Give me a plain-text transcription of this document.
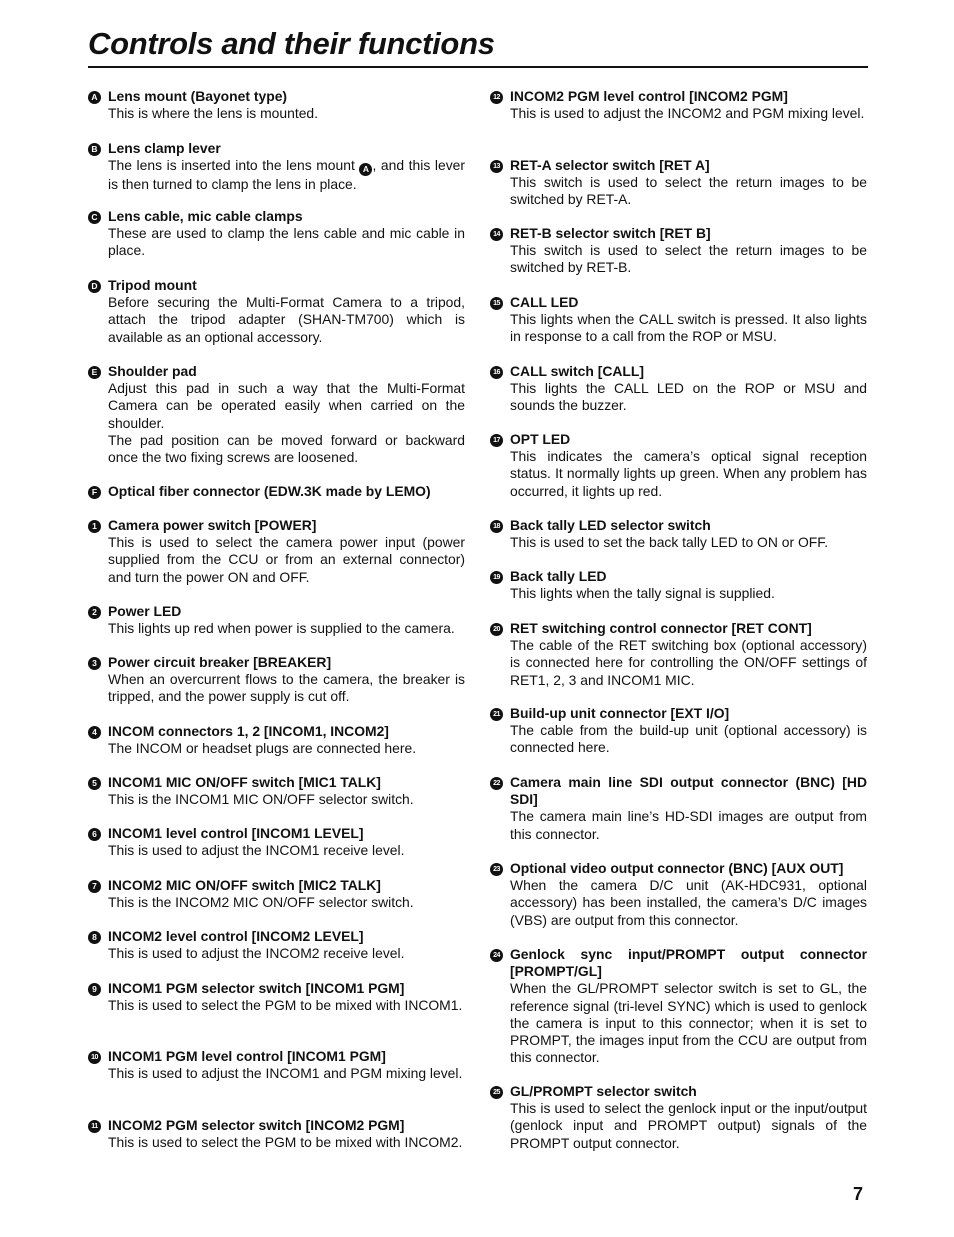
Controls and their functions
A Lens mount (Bayonet type)
This is where the lens is mounted.
B Lens clamp lever
The lens is inserted into the lens mount A , and this lever is then turned to clamp the lens in place.
C Lens cable, mic cable clamps
These are used to clamp the lens cable and mic cable in place.
D Tripod mount
Before securing the Multi-Format Camera to a tripod, attach the tripod adapter (SHAN-TM700) which is available as an optional accessory.
E Shoulder pad
Adjust this pad in such a way that the Multi-Format Camera can be operated easily when carried on the shoulder.
The pad position can be moved forward or backward once the two fixing screws are loosened.
F Optical fiber connector (EDW.3K made by LEMO)
1 Camera power switch [POWER]
This is used to select the camera power input (power supplied from the CCU or from an external connector) and turn the power ON and OFF.
2 Power LED
This lights up red when power is supplied to the camera.
3 Power circuit breaker [BREAKER]
When an overcurrent flows to the camera, the breaker is tripped, and the power supply is cut off.
4 INCOM connectors 1, 2 [INCOM1, INCOM2]
The INCOM or headset plugs are connected here.
5 INCOM1 MIC ON/OFF switch [MIC1 TALK]
This is the INCOM1 MIC ON/OFF selector switch.
6 INCOM1 level control [INCOM1 LEVEL]
This is used to adjust the INCOM1 receive level.
7 INCOM2 MIC ON/OFF switch [MIC2 TALK]
This is the INCOM2 MIC ON/OFF selector switch.
8 INCOM2 level control [INCOM2 LEVEL]
This is used to adjust the INCOM2 receive level.
9 INCOM1 PGM selector switch [INCOM1 PGM]
This is used to select the PGM to be mixed with INCOM1.
10 INCOM1 PGM level control [INCOM1 PGM]
This is used to adjust the INCOM1 and PGM mixing level.
11 INCOM2 PGM selector switch [INCOM2 PGM]
This is used to select the PGM to be mixed with INCOM2.
12 INCOM2 PGM level control [INCOM2 PGM]
This is used to adjust the INCOM2 and PGM mixing level.
13 RET-A selector switch [RET A]
This switch is used to select the return images to be switched by RET-A.
14 RET-B selector switch [RET B]
This switch is used to select the return images to be switched by RET-B.
15 CALL LED
This lights when the CALL switch is pressed. It also lights in response to a call from the ROP or MSU.
16 CALL switch [CALL]
This lights the CALL LED on the ROP or MSU and sounds the buzzer.
17 OPT LED
This indicates the camera’s optical signal reception status. It normally lights up green. When any problem has occurred, it lights up red.
18 Back tally LED selector switch
This is used to set the back tally LED to ON or OFF.
19 Back tally LED
This lights when the tally signal is supplied.
20 RET switching control connector [RET CONT]
The cable of the RET switching box (optional accessory) is connected here for controlling the ON/OFF settings of RET1, 2, 3 and INCOM1 MIC.
21 Build-up unit connector [EXT I/O]
The cable from the build-up unit (optional accessory) is connected here.
22 Camera main line SDI output connector (BNC) [HD SDI]
The camera main line’s HD-SDI images are output from this connector.
23 Optional video output connector (BNC) [AUX OUT]
When the camera D/C unit (AK-HDC931, optional accessory) has been installed, the camera’s D/C images (VBS) are output from this connector.
24 Genlock sync input/PROMPT output connector [PROMPT/GL]
When the GL/PROMPT selector switch is set to GL, the reference signal (tri-level SYNC) which is used to genlock the camera is input to this connector; when it is set to PROMPT, the images input from the CCU are output from this connector.
25 GL/PROMPT selector switch
This is used to select the genlock input or the input/output (genlock input and PROMPT output) signals of the PROMPT output connector.
7
